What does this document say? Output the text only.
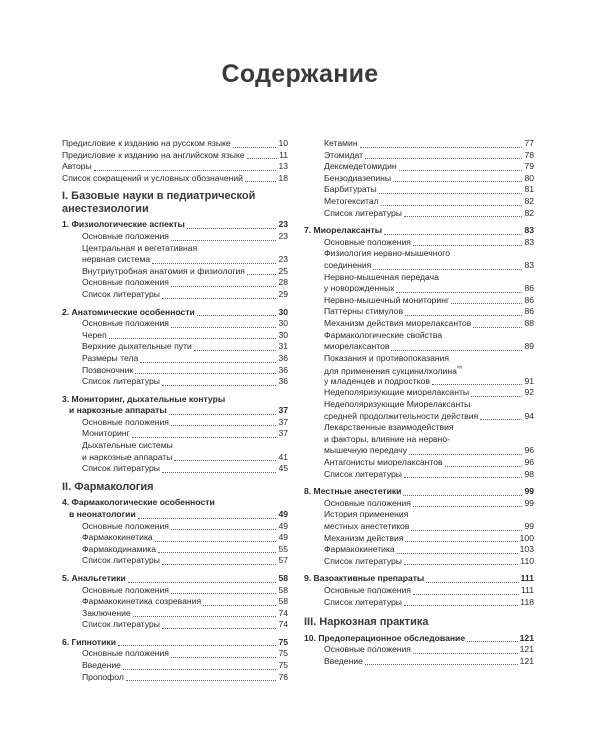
Содержание
Предисловие к изданию на русском языке	10
Предисловие к изданию на английском языке	11
Авторы	13
Список сокращений и условных обозначений	18
I. Базовые науки в педиатрической
анестезиологии
1. Физиологические аспекты	23
Основные положения	23
Центральная и вегетативная
нервная система	23
Внутриутробная анатомия и физиология	25
Основные положения	28
Список литературы	29
2. Анатомические особенности	30
Основные положения	30
Череп	30
Верхние дыхательные пути	31
Размеры тела	36
Позвоночник	36
Список литературы	36
3. Мониторинг, дыхательные контуры
и наркозные аппараты	37
Основные положения	37
Мониторинг	37
Дыхательные системы
и наркозные аппараты	41
Список литературы	45
II. Фармакология
4. Фармакологические особенности
в неонатологии	49
Основные положения	49
Фармакокинетика	49
Фармакодинамика	55
Список литературы	57
5. Анальгетики	58
Основные положения	58
Фармакокинетика созревания	58
Заключение	74
Список литературы	74
6. Гипнотики	75
Основные положения	75
Введение	75
Пропофол	76
Кетамин	77
Этомидат	78
Дексмедетомидин	79
Бензодиазепины	80
Барбитураты	81
Метогекситал	82
Список литературы	82
7. Миорелаксанты	83
Основные положения	83
Физиология нервно-мышечного
соединения	83
Нервно-мышечная передача
у новорожденных	86
Нервно-мышечный мониторинг	86
Паттерны стимулов	86
Механизм действия миорелаксантов	88
Фармакологические свойства
миорелаксантов	89
Показания и противопоказания
для применения сукцинилхолина$^{ᴬᴴ}$
у младенцев и подростков	91
Недеполяризующие миорелаксанты	92
Недеполяризующие Миорелаксанты
средней продолжительности действия	94
Лекарственные взаимодействия
и факторы, влияние на нервно-
мышечную передачу	96
Антагонисты миорелаксантов	96
Список литературы	98
8. Местные анестетики	99
Основные положения	99
История применения
местных анестетиков	99
Механизм действия	100
Фармакокинетика	103
Список литературы	110
9. Вазоактивные препараты	111
Основные положения	111
Список литературы	118
III. Наркозная практика
10. Предоперационное обследование	121
Основные положения	121
Введение	121
